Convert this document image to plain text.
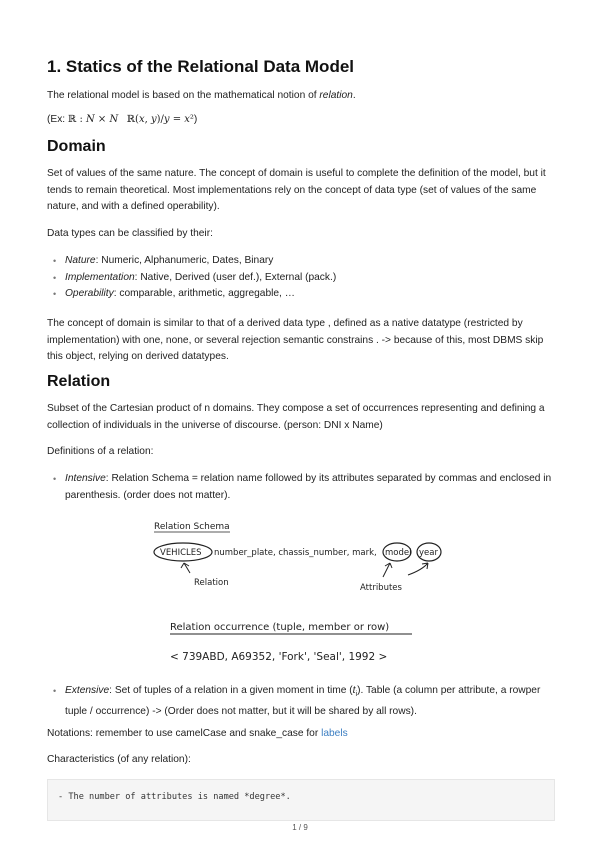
1. Statics of the Relational Data Model

The relational model is based on the mathematical notion of relation.

(Ex: ℝ : 𝑁 × 𝑁 ℝ(𝑥, 𝑦)/𝑦 = 𝑥²)

Domain

Set of values of the same nature. The concept of domain is useful to complete the definition of the model, but it tends to remain theoretical. Most implementations rely on the concept of data type (set of values of the same nature, and with a defined operability).

Data types can be classified by their:

• Nature: Numeric, Alphanumeric, Dates, Binary
• Implementation: Native, Derived (user def.), External (pack.)
• Operability: comparable, arithmetic, aggregable, …

The concept of domain is similar to that of a derived data type , defined as a native datatype (restricted by implementation) with one, none, or several rejection semantic constrains . -> because of this, most DBMS skip this object, relying on derived datatypes.

Relation

Subset of the Cartesian product of n domains. They compose a set of occurrences representing and defining a collection of individuals in the universe of discourse. (person: DNI x Name)

Definitions of a relation:

• Intensive: Relation Schema = relation name followed by its attributes separated by commas and enclosed in parenthesis. (order does not matter).
• Extensive: Set of tuples of a relation in a given moment in time $(t_i)$. Table (a column per attribute, a rowper tuple / occurrence) -> (Order does not matter, but it will be shared by all rows).

Notations: remember to use camelCase and snake_case for labels

Characteristics (of any relation):

- The number of attributes is named *degree*.
Relation Schema
VEHICLES number_plate, chassis_number, mark, model year
Relation	Attributes
Relation occurrence (tuple, member or row)
< 739ABD, A69352, 'Fork', 'Seal', 1992 >
1 / 9
